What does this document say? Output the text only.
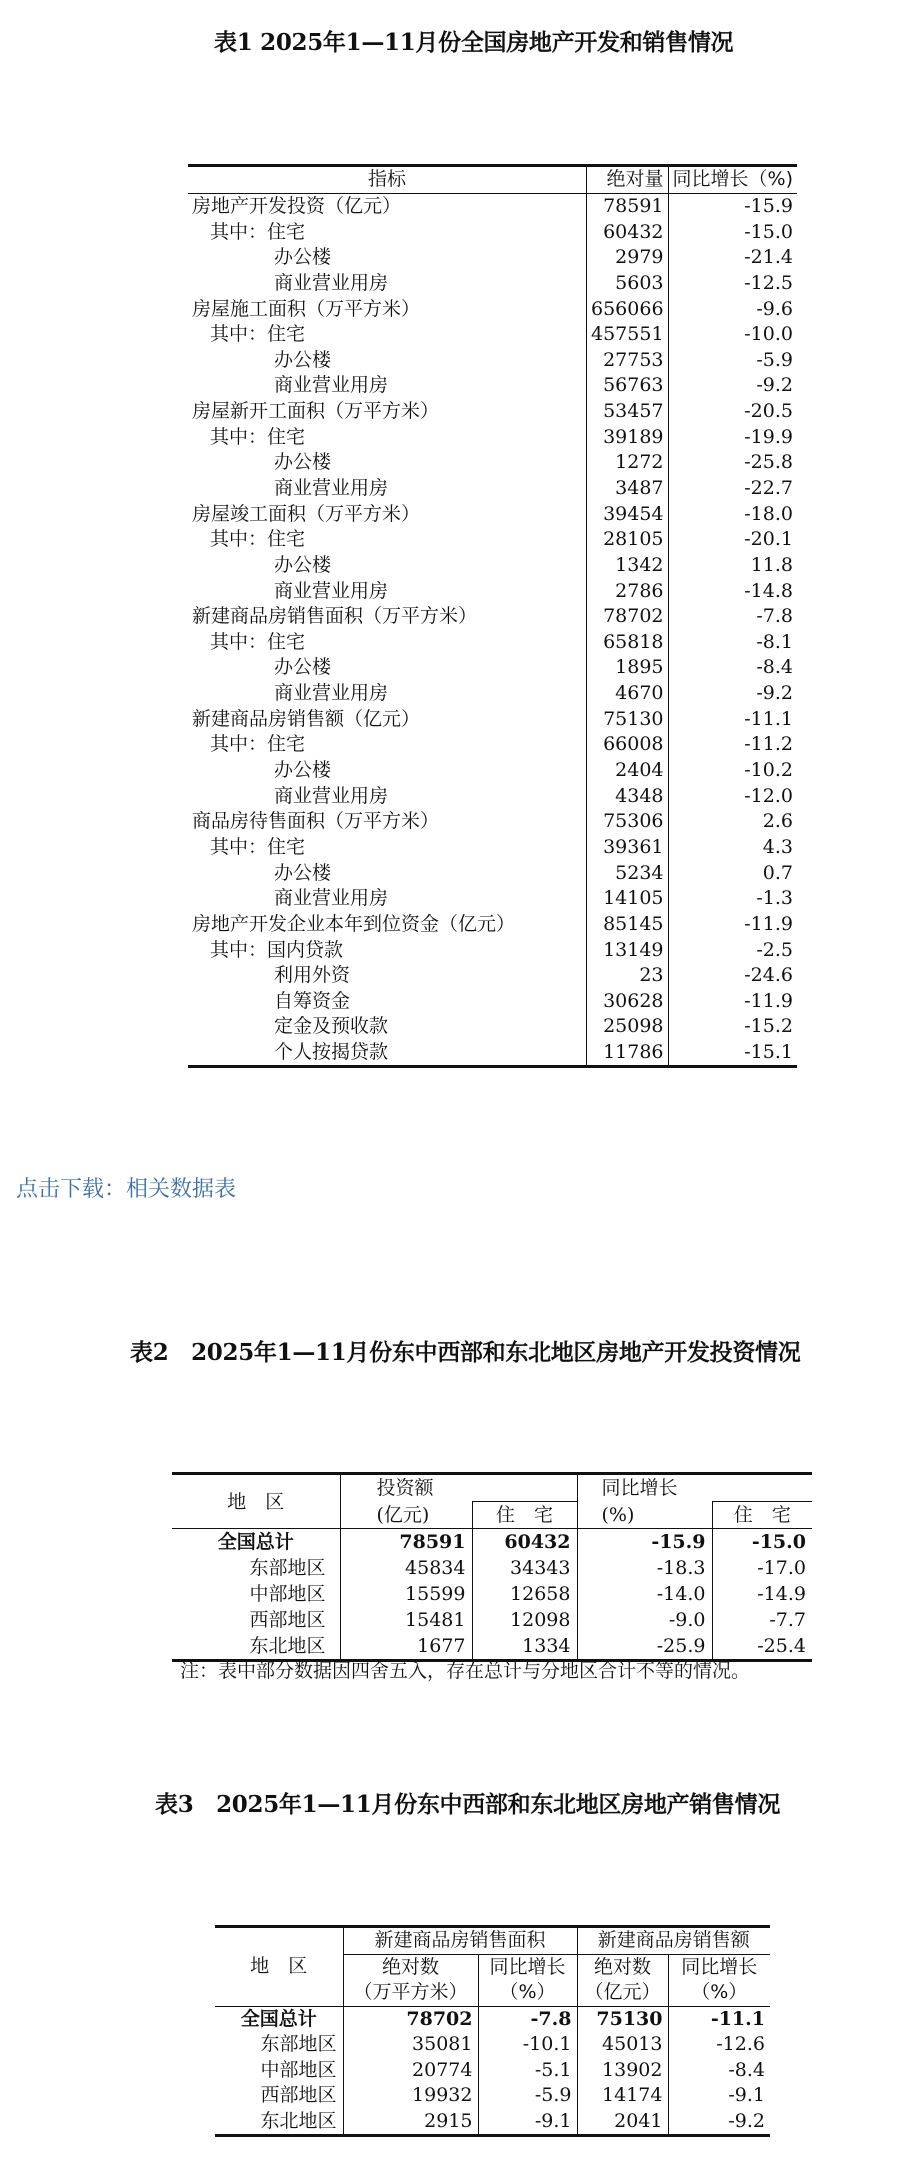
表1 2025年1—11月份全国房地产开发和销售情况
指标	绝对量	同比增长（%)
房地产开发投资（亿元）	78591	-15.9
其中：住宅	60432	-15.0
办公楼	2979	-21.4
商业营业用房	5603	-12.5
房屋施工面积（万平方米）	656066	-9.6
其中：住宅	457551	-10.0
办公楼	27753	-5.9
商业营业用房	56763	-9.2
房屋新开工面积（万平方米）	53457	-20.5
其中：住宅	39189	-19.9
办公楼	1272	-25.8
商业营业用房	3487	-22.7
房屋竣工面积（万平方米）	39454	-18.0
其中：住宅	28105	-20.1
办公楼	1342	11.8
商业营业用房	2786	-14.8
新建商品房销售面积（万平方米）	78702	-7.8
其中：住宅	65818	-8.1
办公楼	1895	-8.4
商业营业用房	4670	-9.2
新建商品房销售额（亿元）	75130	-11.1
其中：住宅	66008	-11.2
办公楼	2404	-10.2
商业营业用房	4348	-12.0
商品房待售面积（万平方米）	75306	2.6
其中：住宅	39361	4.3
办公楼	5234	0.7
商业营业用房	14105	-1.3
房地产开发企业本年到位资金（亿元）	85145	-11.9
其中：国内贷款	13149	-2.5
利用外资	23	-24.6
自筹资金	30628	-11.9
定金及预收款	25098	-15.2
个人按揭贷款	11786	-15.1
点击下载：相关数据表
表2　2025年1—11月份东中西部和东北地区房地产开发投资情况
地　区	投资额		同比增长	
	(亿元)	住　宅	(%)	住　宅
全国总计	78591	60432	-15.9	-15.0
东部地区	45834	34343	-18.3	-17.0
中部地区	15599	12658	-14.0	-14.9
西部地区	15481	12098	-9.0	-7.7
东北地区	1677	1334	-25.9	-25.4
注：表中部分数据因四舍五入，存在总计与分地区合计不等的情况。
表3　2025年1—11月份东中西部和东北地区房地产销售情况
地　区	新建商品房销售面积		新建商品房销售额	
	绝对数	同比增长	绝对数	同比增长
	（万平方米）	（%）	（亿元）	（%）
全国总计	78702	-7.8	75130	-11.1
东部地区	35081	-10.1	45013	-12.6
中部地区	20774	-5.1	13902	-8.4
西部地区	19932	-5.9	14174	-9.1
东北地区	2915	-9.1	2041	-9.2
